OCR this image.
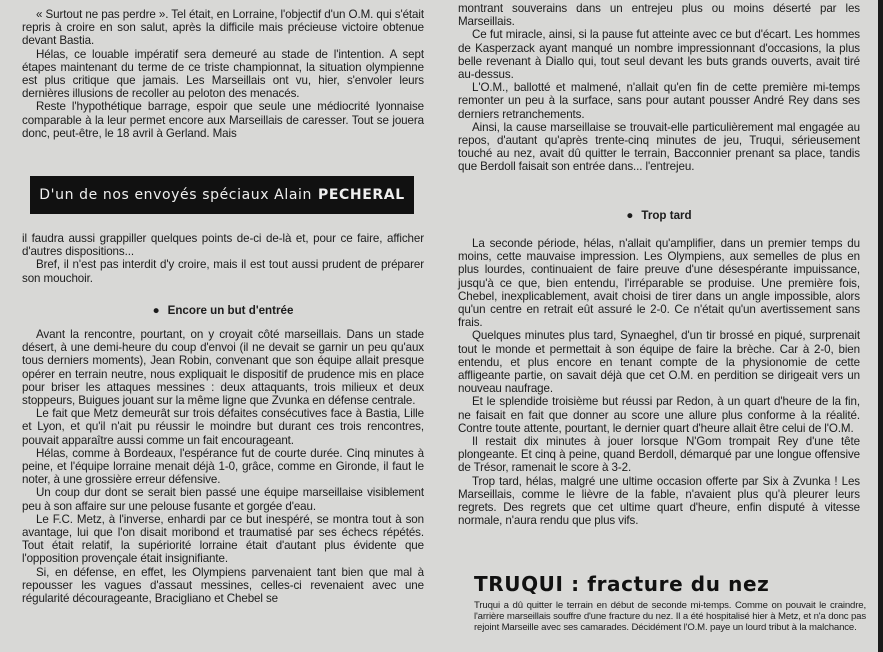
« Surtout ne pas perdre ». Tel était, en Lorraine, l'objectif d'un O.M. qui s'était repris à croire en son salut, après la difficile mais précieuse victoire obtenue devant Bastia.

Hélas, ce louable impératif sera demeuré au stade de l'intention. A sept étapes maintenant du terme de ce triste championnat, la situation olympienne est plus critique que jamais. Les Marseillais ont vu, hier, s'envoler leurs dernières illusions de recoller au peloton des menacés.

Reste l'hypothétique barrage, espoir que seule une médiocrité lyonnaise comparable à la leur permet encore aux Marseillais de caresser. Tout se jouera donc, peut-être, le 18 avril à Gerland. Mais

il faudra aussi grappiller quelques points de-ci de-là et, pour ce faire, afficher d'autres dispositions...

Bref, il n'est pas interdit d'y croire, mais il est tout aussi prudent de préparer son mouchoir.

● Encore un but d'entrée

Avant la rencontre, pourtant, on y croyait côté marseillais. Dans un stade désert, à une demi-heure du coup d'envoi (il ne devait se garnir un peu qu'aux tous derniers moments), Jean Robin, convenant que son équipe allait presque opérer en terrain neutre, nous expliquait le dispositif de prudence mis en place pour briser les attaques messines : deux attaquants, trois milieux et deux stoppeurs, Buigues jouant sur la même ligne que Zvunka en défense centrale.

Le fait que Metz demeurât sur trois défaites consécutives face à Bastia, Lille et Lyon, et qu'il n'ait pu réussir le moindre but durant ces trois rencontres, pouvait apparaître aussi comme un fait encourageant.

Hélas, comme à Bordeaux, l'espérance fut de courte durée. Cinq minutes à peine, et l'équipe lorraine menait déjà 1-0, grâce, comme en Gironde, il faut le noter, à une grossière erreur défensive.

Un coup dur dont se serait bien passé une équipe marseillaise visiblement peu à son affaire sur une pelouse fusante et gorgée d'eau.

Le F.C. Metz, à l'inverse, enhardi par ce but inespéré, se montra tout à son avantage, lui que l'on disait moribond et traumatisé par ses échecs répétés. Tout était relatif, la supériorité lorraine était d'autant plus évidente que l'opposition provençale était insignifiante.

Si, en défense, en effet, les Olympiens parvenaient tant bien que mal à repousser les vagues d'assaut messines, celles-ci revenaient avec une régularité décourageante, Bracigliano et Chebel se

D'un de nos envoyés spéciaux Alain PECHERAL

montrant souverains dans un entrejeu plus ou moins déserté par les Marseillais.

Ce fut miracle, ainsi, si la pause fut atteinte avec ce but d'écart. Les hommes de Kasperzack ayant manqué un nombre impressionnant d'occasions, la plus belle revenant à Diallo qui, tout seul devant les buts grands ouverts, avait tiré au-dessus.

L'O.M., ballotté et malmené, n'allait qu'en fin de cette première mi-temps remonter un peu à la surface, sans pour autant pousser André Rey dans ses derniers retranchements.

Ainsi, la cause marseillaise se trouvait-elle particulièrement mal engagée au repos, d'autant qu'après trente-cinq minutes de jeu, Truqui, sérieusement touché au nez, avait dû quitter le terrain, Bacconnier prenant sa place, tandis que Berdoll faisait son entrée dans... l'entrejeu.

● Trop tard

La seconde période, hélas, n'allait qu'amplifier, dans un premier temps du moins, cette mauvaise impression. Les Olympiens, aux semelles de plus en plus lourdes, continuaient de faire preuve d'une désespérante impuissance, jusqu'à ce que, bien entendu, l'irréparable se produise. Une première fois, Chebel, inexplicablement, avait choisi de tirer dans un angle impossible, alors qu'un centre en retrait eût assuré le 2-0. Ce n'était qu'un avertissement sans frais.

Quelques minutes plus tard, Synaeghel, d'un tir brossé en piqué, surprenait tout le monde et permettait à son équipe de faire la brèche. Car à 2-0, bien entendu, et plus encore en tenant compte de la physionomie de cette affligeante partie, on savait déjà que cet O.M. en perdition se dirigeait vers un nouveau naufrage.

Et le splendide troisième but réussi par Redon, à un quart d'heure de la fin, ne faisait en fait que donner au score une allure plus conforme à la réalité. Contre toute attente, pourtant, le dernier quart d'heure allait être celui de l'O.M.

Il restait dix minutes à jouer lorsque N'Gom trompait Rey d'une tête plongeante. Et cinq à peine, quand Berdoll, démarqué par une longue offensive de Trésor, ramenait le score à 3-2.

Trop tard, hélas, malgré une ultime occasion offerte par Six à Zvunka ! Les Marseillais, comme le lièvre de la fable, n'avaient plus qu'à pleurer leurs regrets. Des regrets que cet ultime quart d'heure, enfin disputé à vitesse normale, n'aura rendu que plus vifs.

TRUQUI : fracture du nez

Truqui a dû quitter le terrain en début de seconde mi-temps. Comme on pouvait le craindre, l'arrière marseillais souffre d'une fracture du nez. Il a été hospitalisé hier à Metz, et n'a donc pas rejoint Marseille avec ses camarades. Décidément l'O.M. paye un lourd tribut à la malchance.
